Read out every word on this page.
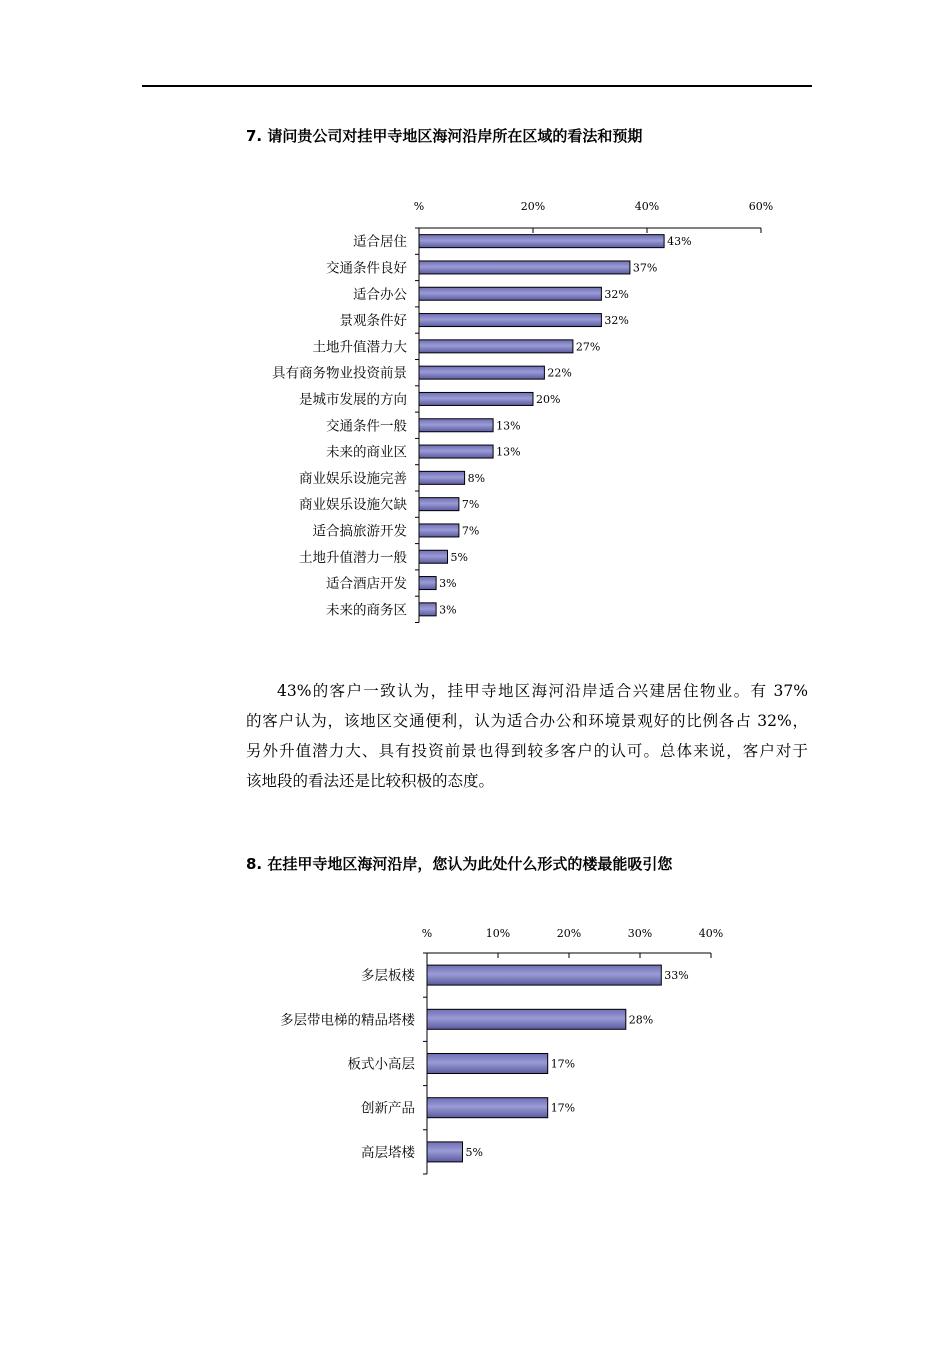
7. 请问贵公司对挂甲寺地区海河沿岸所在区域的看法和预期
%	20%	40%	60%
适合居住	43%
交通条件良好	37%
适合办公	32%
景观条件好	32%
土地升值潜力大	27%
具有商务物业投资前景	22%
是城市发展的方向	20%
交通条件一般	13%
未来的商业区	13%
商业娱乐设施完善	8%
商业娱乐设施欠缺	7%
适合搞旅游开发	7%
土地升值潜力一般	5%
适合酒店开发	3%
未来的商务区	3%

43%的客户一致认为，挂甲寺地区海河沿岸适合兴建居住物业。有 37%
的客户认为，该地区交通便利，认为适合办公和环境景观好的比例各占 32%，
另外升值潜力大、具有投资前景也得到较多客户的认可。总体来说，客户对于
该地段的看法还是比较积极的态度。

8. 在挂甲寺地区海河沿岸，您认为此处什么形式的楼最能吸引您
%	10%	20%	30%	40%
多层板楼	33%
多层带电梯的精品塔楼	28%
板式小高层	17%
创新产品	17%
高层塔楼	5%
